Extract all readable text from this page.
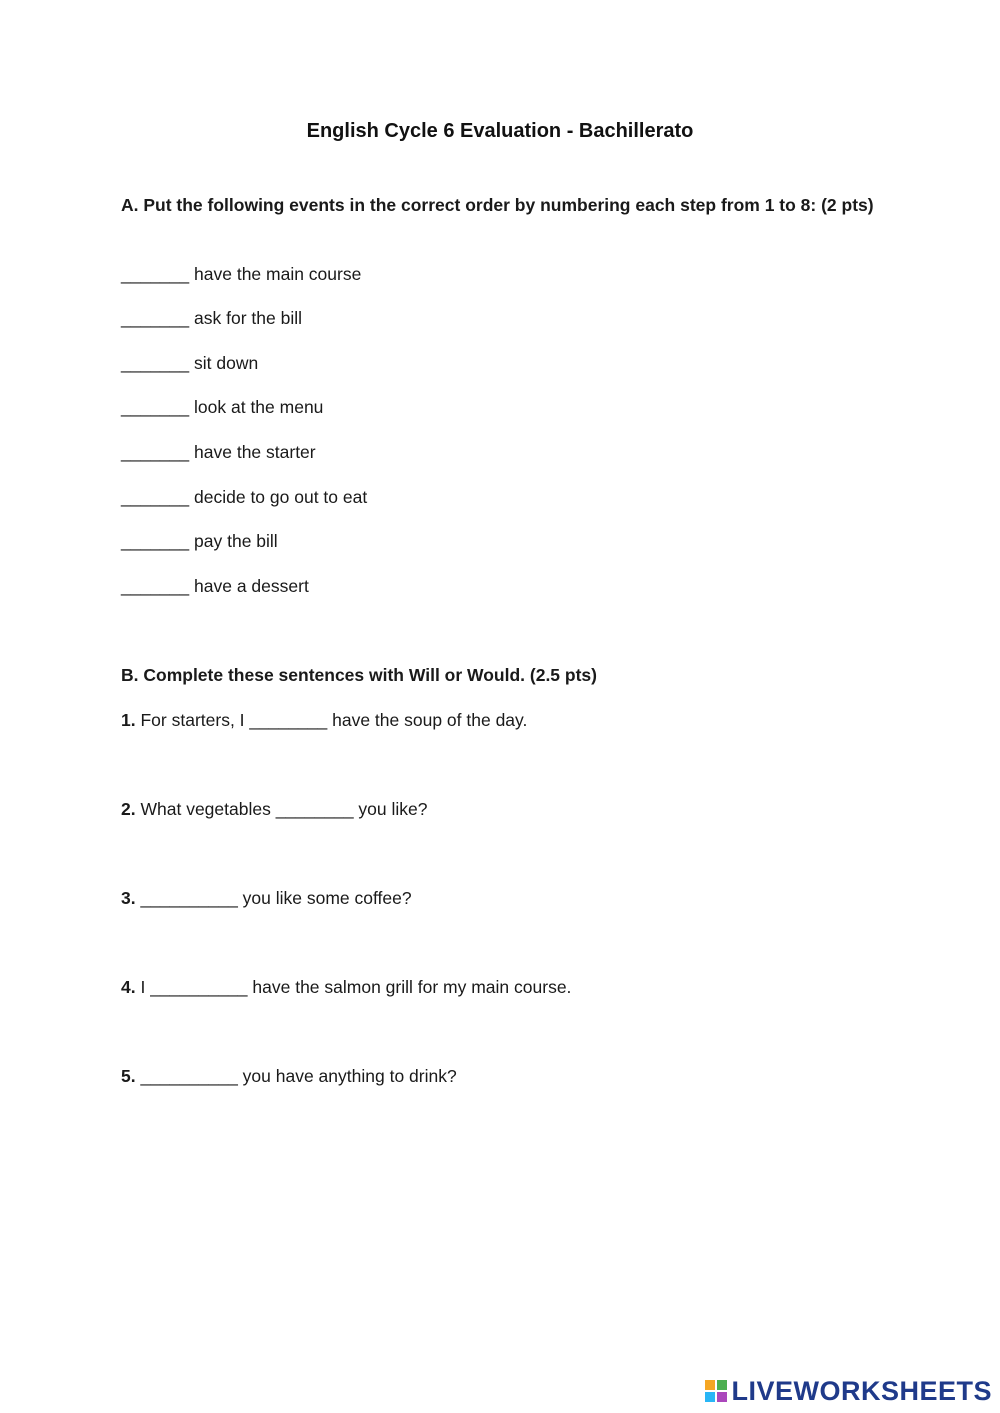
English Cycle 6 Evaluation - Bachillerato

A. Put the following events in the correct order by numbering each step from 1 to 8: (2 pts)

_______ have the main course

_______ ask for the bill

_______ sit down

_______ look at the menu

_______ have the starter

_______ decide to go out to eat

_______ pay the bill

_______ have a dessert

B. Complete these sentences with Will or Would. (2.5 pts)

1. For starters, I ________ have the soup of the day.

2. What vegetables ________ you like?

3. __________ you like some coffee?

4. I __________ have the salmon grill for my main course.

5. __________ you have anything to drink?

LIVEWORKSHEETS
